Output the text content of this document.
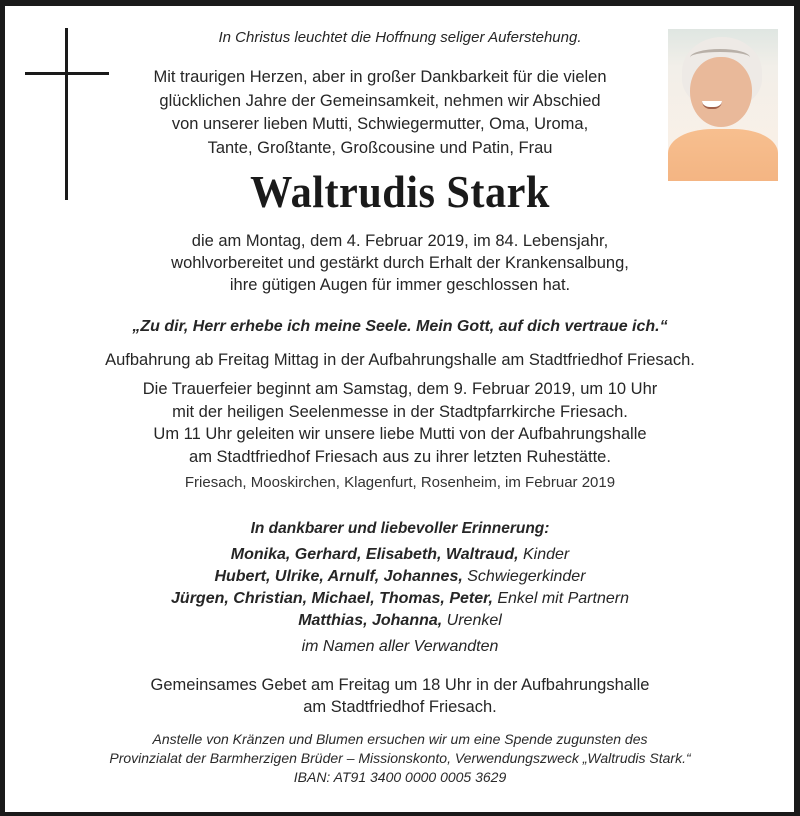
In Christus leuchtet die Hoffnung seliger Auferstehung.
Mit traurigen Herzen, aber in großer Dankbarkeit für die vielen
glücklichen Jahre der Gemeinsamkeit, nehmen wir Abschied
von unserer lieben Mutti, Schwiegermutter, Oma, Uroma,
Tante, Großtante, Großcousine und Patin, Frau
Waltrudis Stark
die am Montag, dem 4. Februar 2019, im 84. Lebensjahr,
wohlvorbereitet und gestärkt durch Erhalt der Krankensalbung,
ihre gütigen Augen für immer geschlossen hat.
„Zu dir, Herr erhebe ich meine Seele. Mein Gott, auf dich vertraue ich.“
Aufbahrung ab Freitag Mittag in der Aufbahrungshalle am Stadtfriedhof Friesach.
Die Trauerfeier beginnt am Samstag, dem 9. Februar 2019, um 10 Uhr
mit der heiligen Seelenmesse in der Stadtpfarrkirche Friesach.
Um 11 Uhr geleiten wir unsere liebe Mutti von der Aufbahrungshalle
am Stadtfriedhof Friesach aus zu ihrer letzten Ruhestätte.
Friesach, Mooskirchen, Klagenfurt, Rosenheim, im Februar 2019
In dankbarer und liebevoller Erinnerung:
Monika, Gerhard, Elisabeth, Waltraud, Kinder
Hubert, Ulrike, Arnulf, Johannes, Schwiegerkinder
Jürgen, Christian, Michael, Thomas, Peter, Enkel mit Partnern
Matthias, Johanna, Urenkel
im Namen aller Verwandten
Gemeinsames Gebet am Freitag um 18 Uhr in der Aufbahrungshalle
am Stadtfriedhof Friesach.
Anstelle von Kränzen und Blumen ersuchen wir um eine Spende zugunsten des
Provinzialat der Barmherzigen Brüder – Missionskonto, Verwendungszweck „Waltrudis Stark.“
IBAN: AT91 3400 0000 0005 3629
